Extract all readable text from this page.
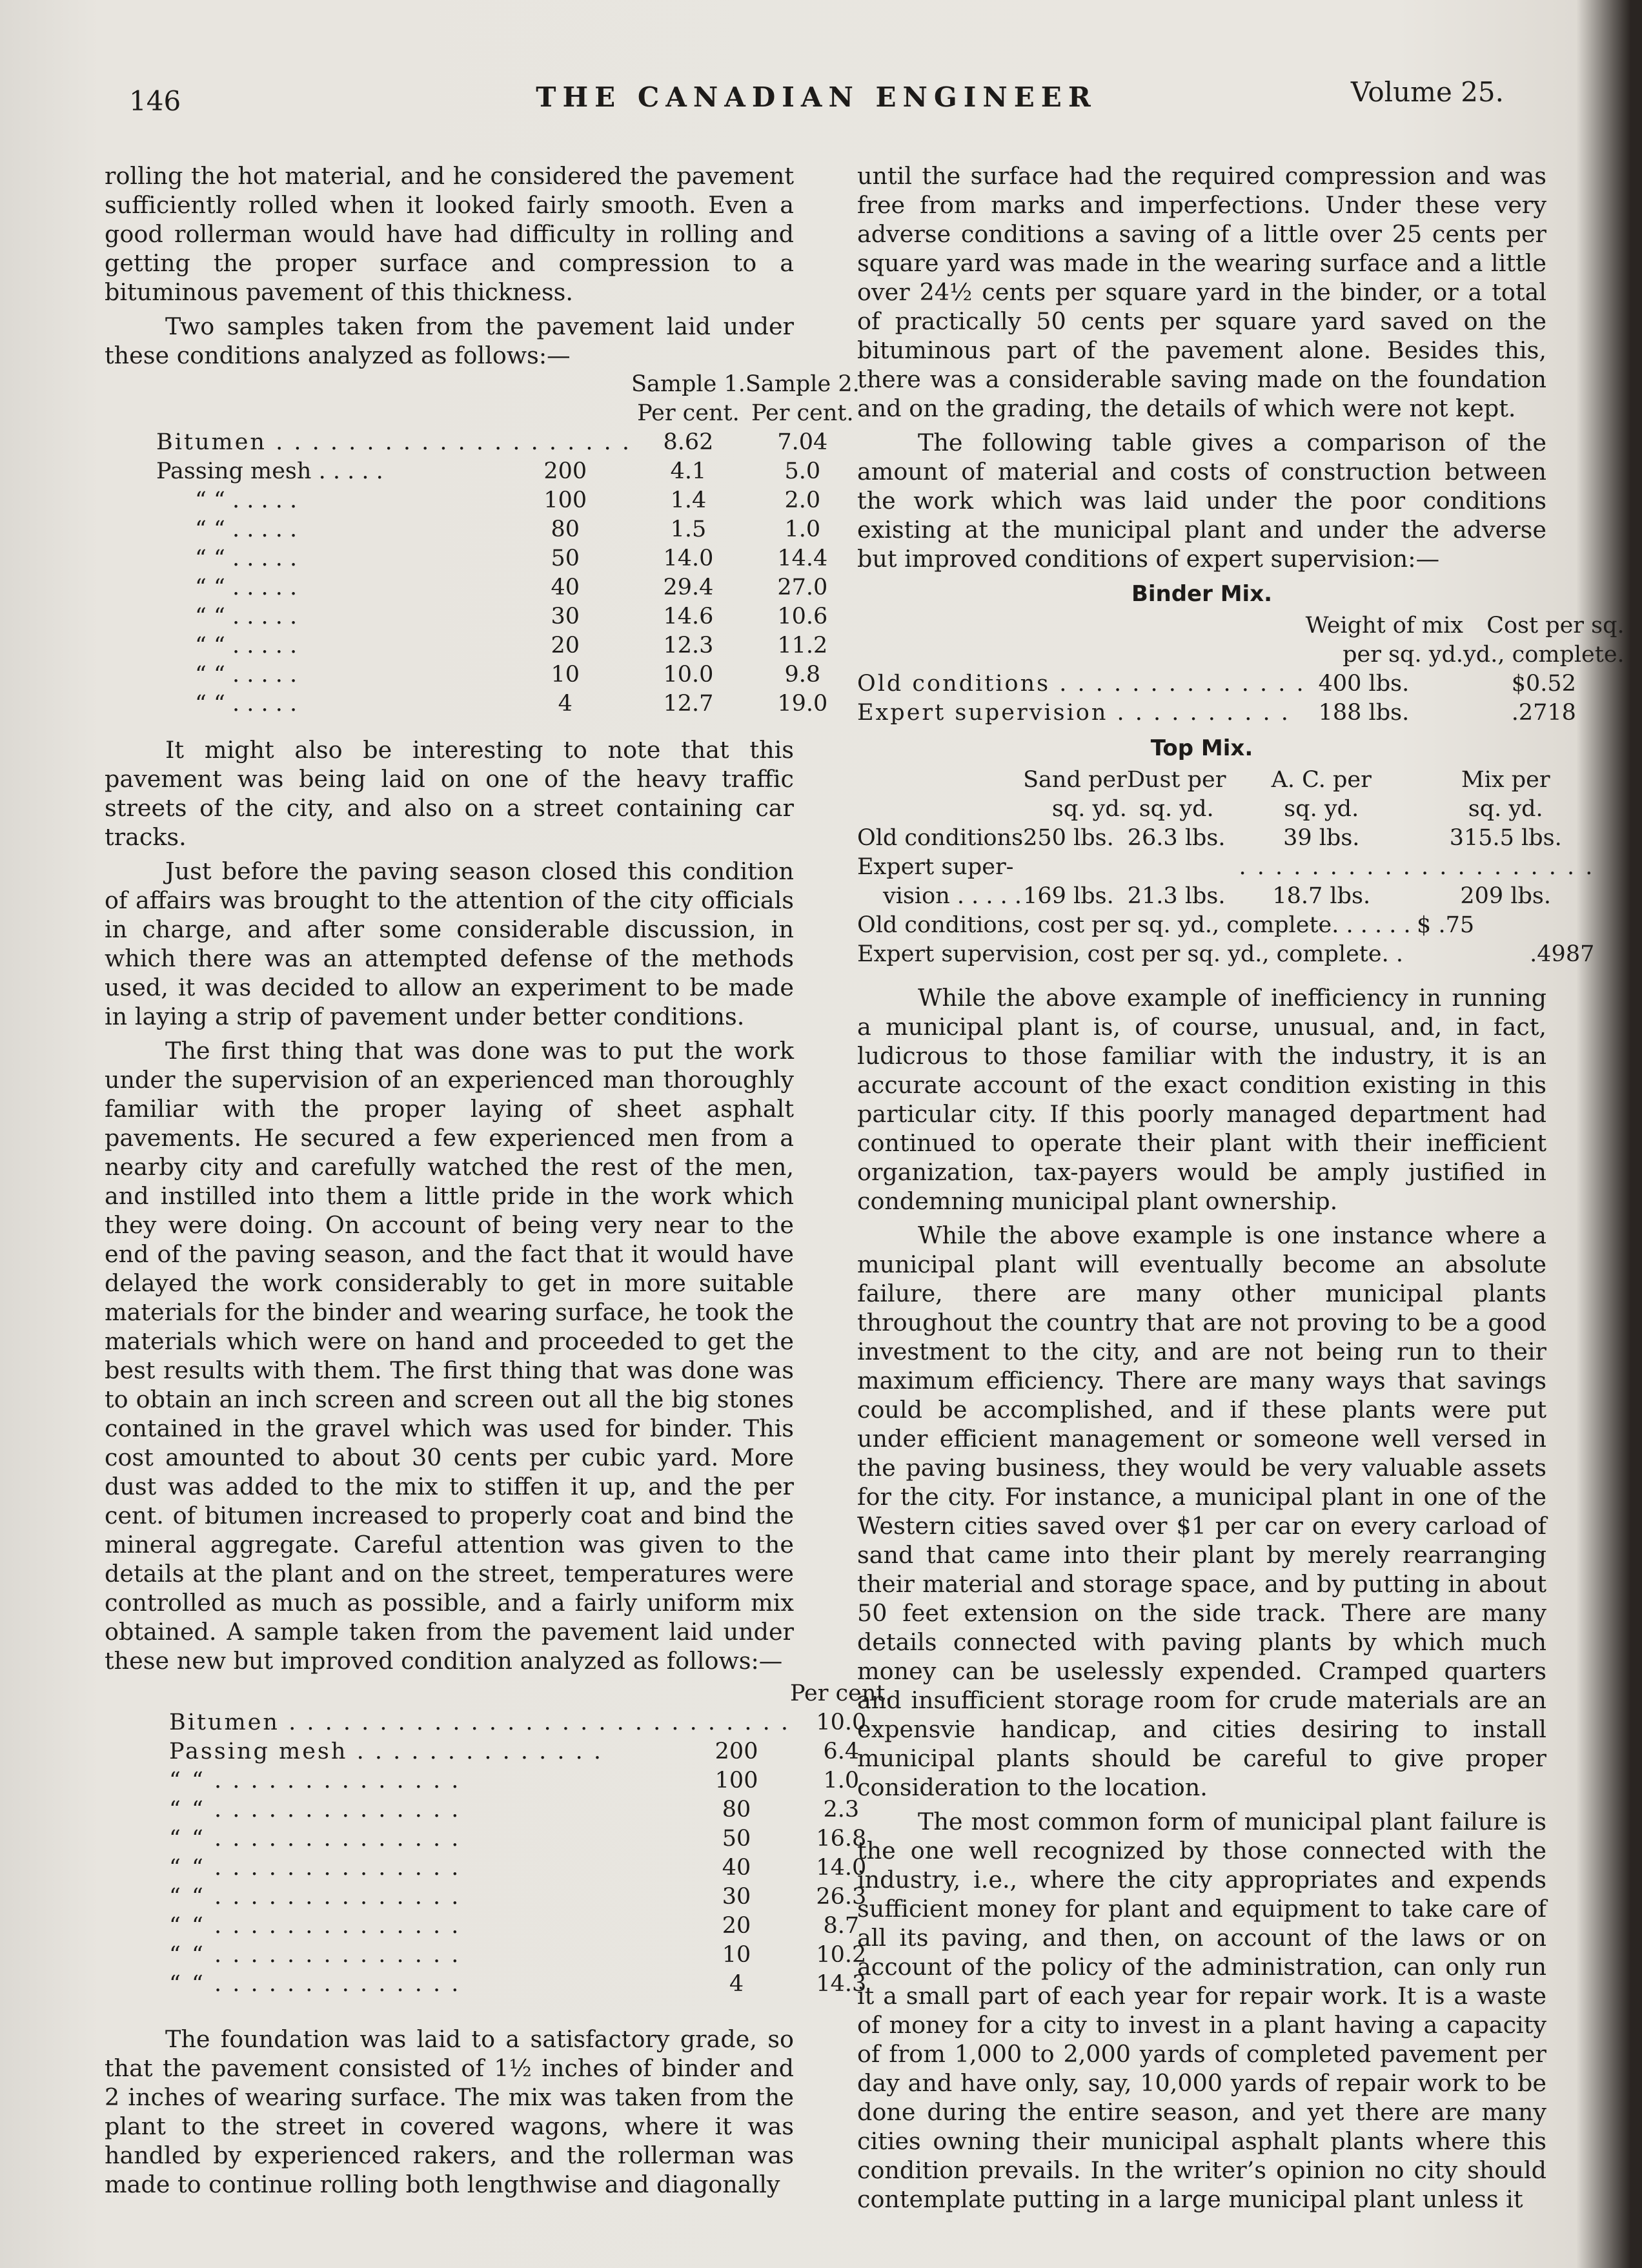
146	THE CANADIAN ENGINEER	Volume 25.

rolling the hot material, and he considered the pavement sufficiently rolled when it looked fairly smooth. Even a good rollerman would have had difficulty in rolling and getting the proper surface and compression to a bituminous pavement of this thickness.

Two samples taken from the pavement laid under these conditions analyzed as follows:—

		Sample 1.	Sample 2.
		Per cent.	Per cent.
Bitumen . . . . . . . . . . . . . . . . . . . .		8.62	7.04
Passing mesh . . . . .	200	4.1	5.0
“ “ . . . . .	100	1.4	2.0
“ “ . . . . .	80	1.5	1.0
“ “ . . . . .	50	14.0	14.4
“ “ . . . . .	40	29.4	27.0
“ “ . . . . .	30	14.6	10.6
“ “ . . . . .	20	12.3	11.2
“ “ . . . . .	10	10.0	9.8
“ “ . . . . .	4	12.7	19.0

It might also be interesting to note that this pavement was being laid on one of the heavy traffic streets of the city, and also on a street containing car tracks.

Just before the paving season closed this condition of affairs was brought to the attention of the city officials in charge, and after some considerable discussion, in which there was an attempted defense of the methods used, it was decided to allow an experiment to be made in laying a strip of pavement under better conditions.

The first thing that was done was to put the work under the supervision of an experienced man thoroughly familiar with the proper laying of sheet asphalt pavements. He secured a few experienced men from a nearby city and carefully watched the rest of the men, and instilled into them a little pride in the work which they were doing. On account of being very near to the end of the paving season, and the fact that it would have delayed the work considerably to get in more suitable materials for the binder and wearing surface, he took the materials which were on hand and proceeded to get the best results with them. The first thing that was done was to obtain an inch screen and screen out all the big stones contained in the gravel which was used for binder. This cost amounted to about 30 cents per cubic yard. More dust was added to the mix to stiffen it up, and the per cent. of bitumen increased to properly coat and bind the mineral aggregate. Careful attention was given to the details at the plant and on the street, temperatures were controlled as much as possible, and a fairly uniform mix obtained. A sample taken from the pavement laid under these new but improved condition analyzed as follows:—

		Per cent.
Bitumen . . . . . . . . . . . . . . . . . . . . . . . . . . . .		10.0
Passing mesh . . . . . . . . . . . . . .	200	6.4
“ “ . . . . . . . . . . . . . .	100	1.0
“ “ . . . . . . . . . . . . . .	80	2.3
“ “ . . . . . . . . . . . . . .	50	16.8
“ “ . . . . . . . . . . . . . .	40	14.0
“ “ . . . . . . . . . . . . . .	30	26.3
“ “ . . . . . . . . . . . . . .	20	8.7
“ “ . . . . . . . . . . . . . .	10	10.2
“ “ . . . . . . . . . . . . . .	4	14.3

The foundation was laid to a satisfactory grade, so that the pavement consisted of 1½ inches of binder and 2 inches of wearing surface. The mix was taken from the plant to the street in covered wagons, where it was handled by experienced rakers, and the rollerman was made to continue rolling both lengthwise and diagonally

until the surface had the required compression and was free from marks and imperfections. Under these very adverse conditions a saving of a little over 25 cents per square yard was made in the wearing surface and a little over 24½ cents per square yard in the binder, or a total of practically 50 cents per square yard saved on the bituminous part of the pavement alone. Besides this, there was a considerable saving made on the foundation and on the grading, the details of which were not kept.

The following table gives a comparison of the amount of material and costs of construction between the work which was laid under the poor conditions existing at the municipal plant and under the adverse but improved conditions of expert supervision:—

Binder Mix.
	Weight of mix	Cost per sq.
	per sq. yd.	yd., complete.
Old conditions . . . . . . . . . . . . . .	400 lbs.	$0.52
Expert supervision . . . . . . . . . .	188 lbs.	.2718
Top Mix.
	Sand per	Dust per	A. C. per	Mix per
	sq. yd.	sq. yd.	sq. yd.	sq. yd.
Old conditions	250 lbs.	26.3 lbs.	39 lbs.	315.5 lbs.
Expert super-			. . . . . . . . . . . . . . . . . . . .	
vision . . . . .	169 lbs.	21.3 lbs.	18.7 lbs.	209 lbs.
Old conditions, cost per sq. yd., complete. . . . . .				$ .75
Expert supervision, cost per sq. yd., complete. .				.4987

While the above example of inefficiency in running a municipal plant is, of course, unusual, and, in fact, ludicrous to those familiar with the industry, it is an accurate account of the exact condition existing in this particular city. If this poorly managed department had continued to operate their plant with their inefficient organization, tax-payers would be amply justified in condemning municipal plant ownership.

While the above example is one instance where a municipal plant will eventually become an absolute failure, there are many other municipal plants throughout the country that are not proving to be a good investment to the city, and are not being run to their maximum efficiency. There are many ways that savings could be accomplished, and if these plants were put under efficient management or someone well versed in the paving business, they would be very valuable assets for the city. For instance, a municipal plant in one of the Western cities saved over $1 per car on every carload of sand that came into their plant by merely rearranging their material and storage space, and by putting in about 50 feet extension on the side track. There are many details connected with paving plants by which much money can be uselessly expended. Cramped quarters and insufficient storage room for crude materials are an expensvie handicap, and cities desiring to install municipal plants should be careful to give proper consideration to the location.

The most common form of municipal plant failure is the one well recognized by those connected with the industry, i.e., where the city appropriates and expends sufficient money for plant and equipment to take care of all its paving, and then, on account of the laws or on account of the policy of the administration, can only run it a small part of each year for repair work. It is a waste of money for a city to invest in a plant having a capacity of from 1,000 to 2,000 yards of completed pavement per day and have only, say, 10,000 yards of repair work to be done during the entire season, and yet there are many cities owning their municipal asphalt plants where this condition prevails. In the writer’s opinion no city should contemplate putting in a large municipal plant unless it
